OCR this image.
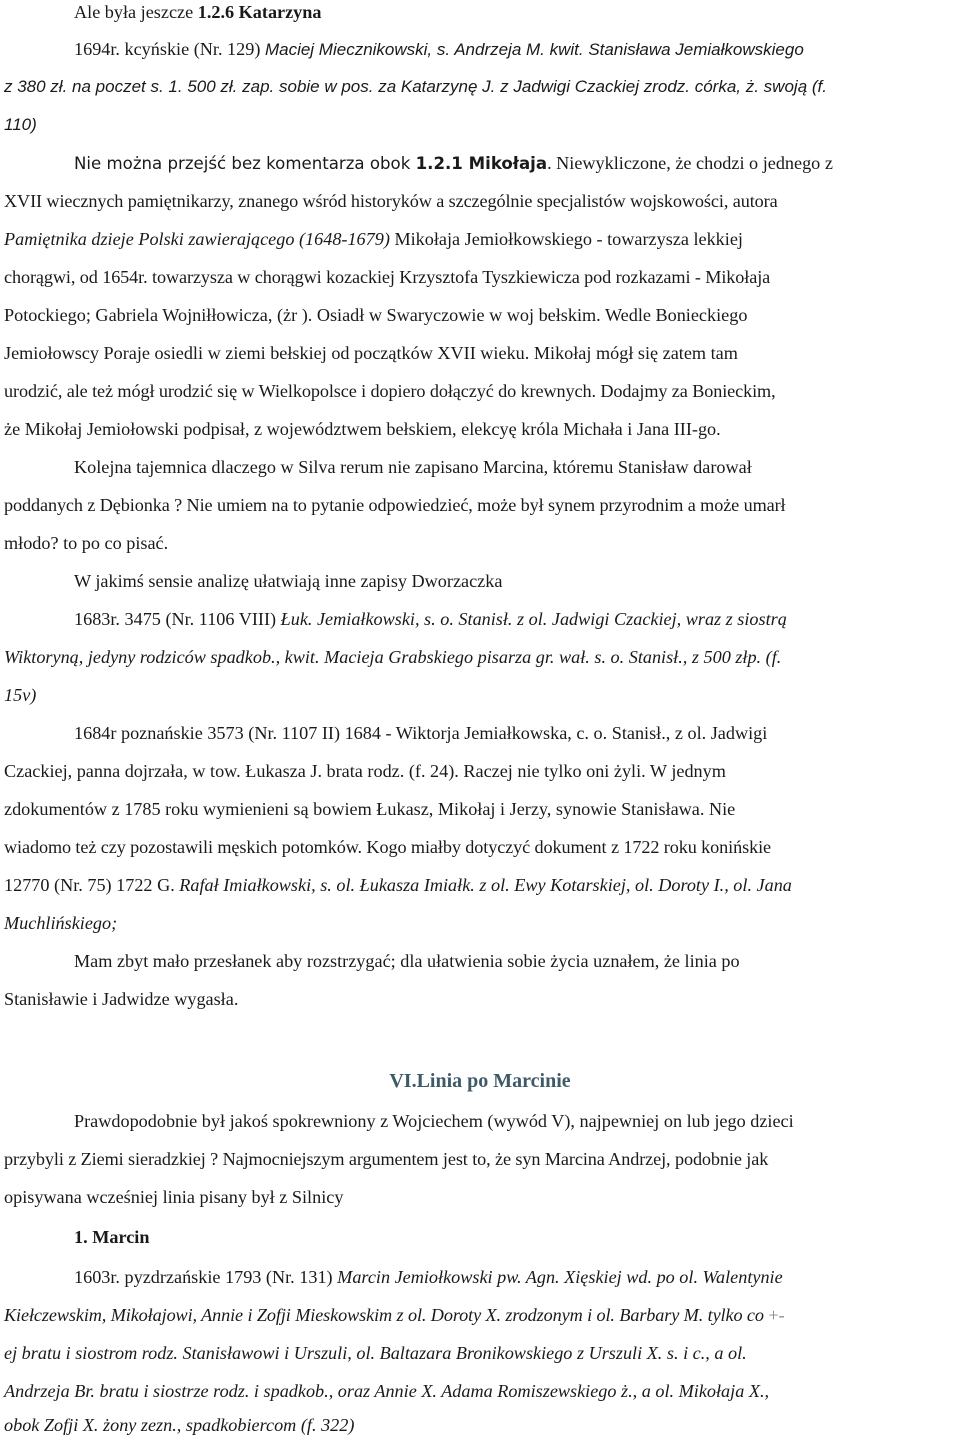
Ale była jeszcze 1.2.6 Katarzyna

1694r. kcyńskie (Nr. 129) Maciej Miecznikowski, s. Andrzeja M. kwit. Stanisława Jemiałkowskiego

z 380 zł. na poczet s. 1. 500 zł. zap. sobie w pos. za Katarzynę J. z Jadwigi Czackiej zrodz. córka, ż. swoją (f.

110)

Nie można przejść bez komentarza obok 1.2.1 Mikołaja. Niewykliczone, że chodzi o jednego z

XVII wiecznych pamiętnikarzy, znanego wśród historyków a szczególnie specjalistów wojskowości, autora

Pamiętnika dzieje Polski zawierającego (1648-1679) Mikołaja Jemiołkowskiego - towarzysza lekkiej

chorągwi, od 1654r. towarzysza w chorągwi kozackiej Krzysztofa Tyszkiewicza pod rozkazami - Mikołaja

Potockiego; Gabriela Wojniłłowicza, (żr ). Osiadł w Swaryczowie w woj bełskim. Wedle Bonieckiego

Jemiołowscy Poraje osiedli w ziemi bełskiej od początków XVII wieku. Mikołaj mógł się zatem tam

urodzić, ale też mógł urodzić się w Wielkopolsce i dopiero dołączyć do krewnych. Dodajmy za Bonieckim,

że Mikołaj Jemiołowski podpisał, z województwem bełskiem, elekcyę króla Michała i Jana III-go.

Kolejna tajemnica dlaczego w Silva rerum nie zapisano Marcina, któremu Stanisław darował

poddanych z Dębionka ? Nie umiem na to pytanie odpowiedzieć, może był synem przyrodnim a może umarł

młodo? to po co pisać.

W jakimś sensie analizę ułatwiają inne zapisy Dworzaczka

1683r. 3475 (Nr. 1106 VIII) Łuk. Jemiałkowski, s. o. Stanisł. z ol. Jadwigi Czackiej, wraz z siostrą

Wiktoryną, jedyny rodziców spadkob., kwit. Macieja Grabskiego pisarza gr. wał. s. o. Stanisł., z 500 złp. (f.

15v)

1684r poznańskie 3573 (Nr. 1107 II) 1684 - Wiktorja Jemiałkowska, c. o. Stanisł., z ol. Jadwigi

Czackiej, panna dojrzała, w tow. Łukasza J. brata rodz. (f. 24). Raczej nie tylko oni żyli. W jednym

zdokumentów z 1785 roku wymienieni są bowiem Łukasz, Mikołaj i Jerzy, synowie Stanisława. Nie

wiadomo też czy pozostawili męskich potomków. Kogo miałby dotyczyć dokument z 1722 roku konińskie

12770 (Nr. 75) 1722 G. Rafał Imiałkowski, s. ol. Łukasza Imiałk. z ol. Ewy Kotarskiej, ol. Doroty I., ol. Jana

Muchlińskiego;

Mam zbyt mało przesłanek aby rozstrzygać; dla ułatwienia sobie życia uznałem, że linia po

Stanisławie i Jadwidze wygasła.

VI.Linia po Marcinie

Prawdopodobnie był jakoś spokrewniony z Wojciechem (wywód V), najpewniej on lub jego dzieci

przybyli z Ziemi sieradzkiej ? Najmocniejszym argumentem jest to, że syn Marcina Andrzej, podobnie jak

opisywana wcześniej linia pisany był z Silnicy

1. Marcin

1603r. pyzdrzańskie 1793 (Nr. 131) Marcin Jemiołkowski pw. Agn. Xięskiej wd. po ol. Walentynie

Kiełczewskim, Mikołajowi, Annie i Zofji Mieskowskim z ol. Doroty X. zrodzonym i ol. Barbary M. tylko co +-

ej bratu i siostrom rodz. Stanisławowi i Urszuli, ol. Baltazara Bronikowskiego z Urszuli X. s. i c., a ol.

Andrzeja Br. bratu i siostrze rodz. i spadkob., oraz Annie X. Adama Romiszewskiego ż., a ol. Mikołaja X.,

obok Zofji X. żony zezn., spadkobiercom (f. 322)
